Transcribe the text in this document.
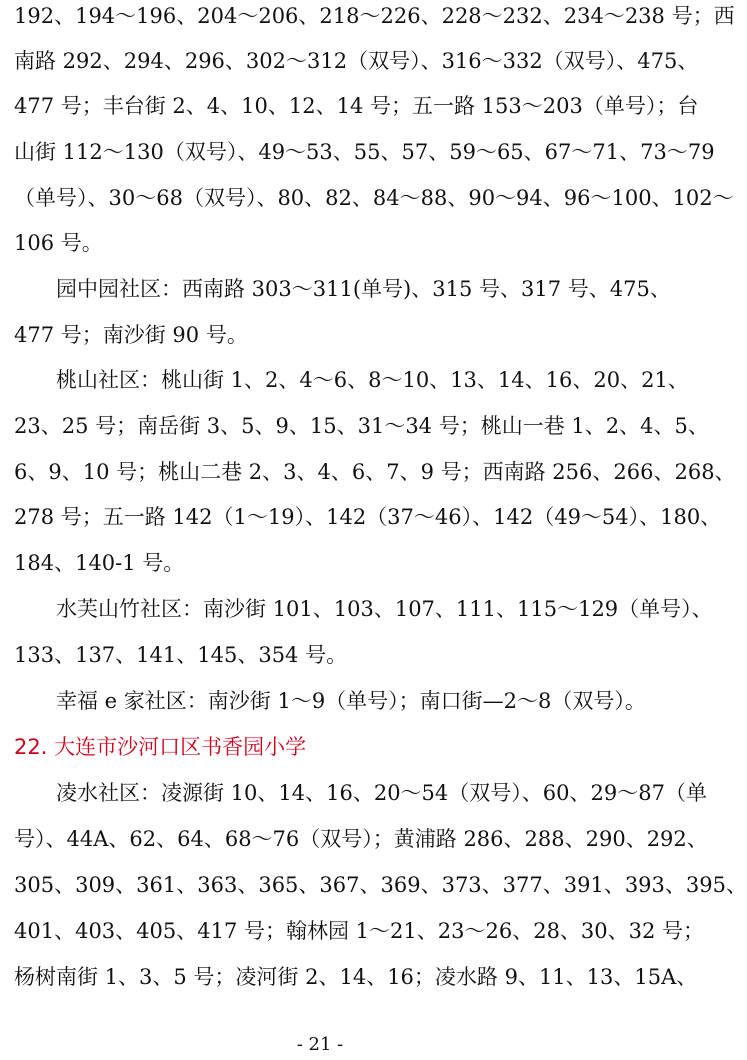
192、194～196、204～206、218～226、228～232、234～238 号；西
南路 292、294、296、302～312（双号）、316～332（双号）、475、
477 号；丰台街 2、4、10、12、14 号；五一路 153～203（单号）；台
山街 112～130（双号）、49～53、55、57、59～65、67～71、73～79
（单号）、30～68（双号）、80、82、84～88、90～94、96～100、102～
106 号。
园中园社区：西南路 303～311(单号)、315 号、317 号、475、
477 号；南沙街 90 号。
桃山社区：桃山街 1、2、4～6、8～10、13、14、16、20、21、
23、25 号；南岳街 3、5、9、15、31～34 号；桃山一巷 1、2、4、5、
6、9、10 号；桃山二巷 2、3、4、6、7、9 号；西南路 256、266、268、
278 号；五一路 142（1～19）、142（37～46）、142（49～54）、180、
184、140-1 号。
水芙山竹社区：南沙街 101、103、107、111、115～129（单号）、
133、137、141、145、354 号。
幸福 e 家社区：南沙街 1～9（单号）；南口街—2～8（双号）。
22. 大连市沙河口区书香园小学
凌水社区：凌源街 10、14、16、20～54（双号）、60、29～87（单
号）、44A、62、64、68～76（双号）；黄浦路 286、288、290、292、
305、309、361、363、365、367、369、373、377、391、393、395、
401、403、405、417 号；翰林园 1～21、23～26、28、30、32 号；
杨树南街 1、3、5 号；凌河街 2、14、16；凌水路 9、11、13、15A、
- 21 -
